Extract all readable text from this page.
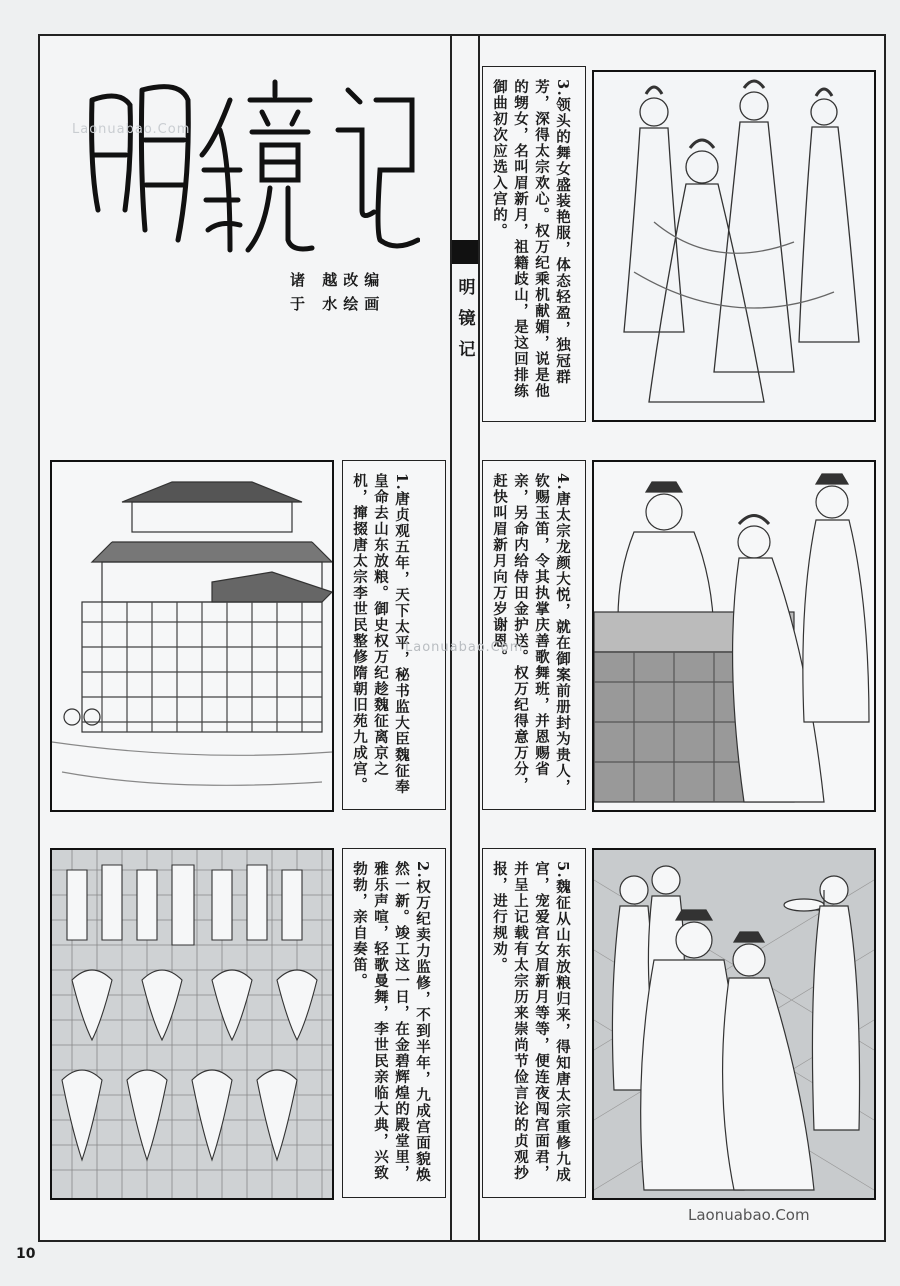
Laonuabao.Com
诸 越改编
于 水绘画	明镜记	3.领头的舞女盛装艳服，体态轻盈，独冠群芳，深得太宗欢心。权万纪乘机献媚，说是他的甥女，名叫眉新月，祖籍歧山，是这回排练御曲初次应选入宫的。
1.唐贞观五年，天下太平，秘书监大臣魏征奉皇命去山东放粮。御史权万纪趁魏征离京之机，撺掇唐太宗李世民整修隋朝旧苑九成宫。	4.唐太宗龙颜大悦，就在御案前册封为贵人，钦赐玉笛，令其执掌庆善歌舞班，并恩赐省亲，另命内给侍田金护送。权万纪得意万分，赶快叫眉新月向万岁谢恩。
2.权万纪卖力监修，不到半年，九成宫面貌焕然一新。竣工这一日，在金碧辉煌的殿堂里，雅乐声喧，轻歌曼舞，李世民亲临大典，兴致勃勃，亲自奏笛。	5.魏征从山东放粮归来，得知唐太宗重修九成宫，宠爱宫女眉新月等等，便连夜闯宫面君，并呈上记载有太宗历来崇尚节俭言论的贞观抄报，进行规劝。
Laonuabao.Com
Laonuabao.Com
10
